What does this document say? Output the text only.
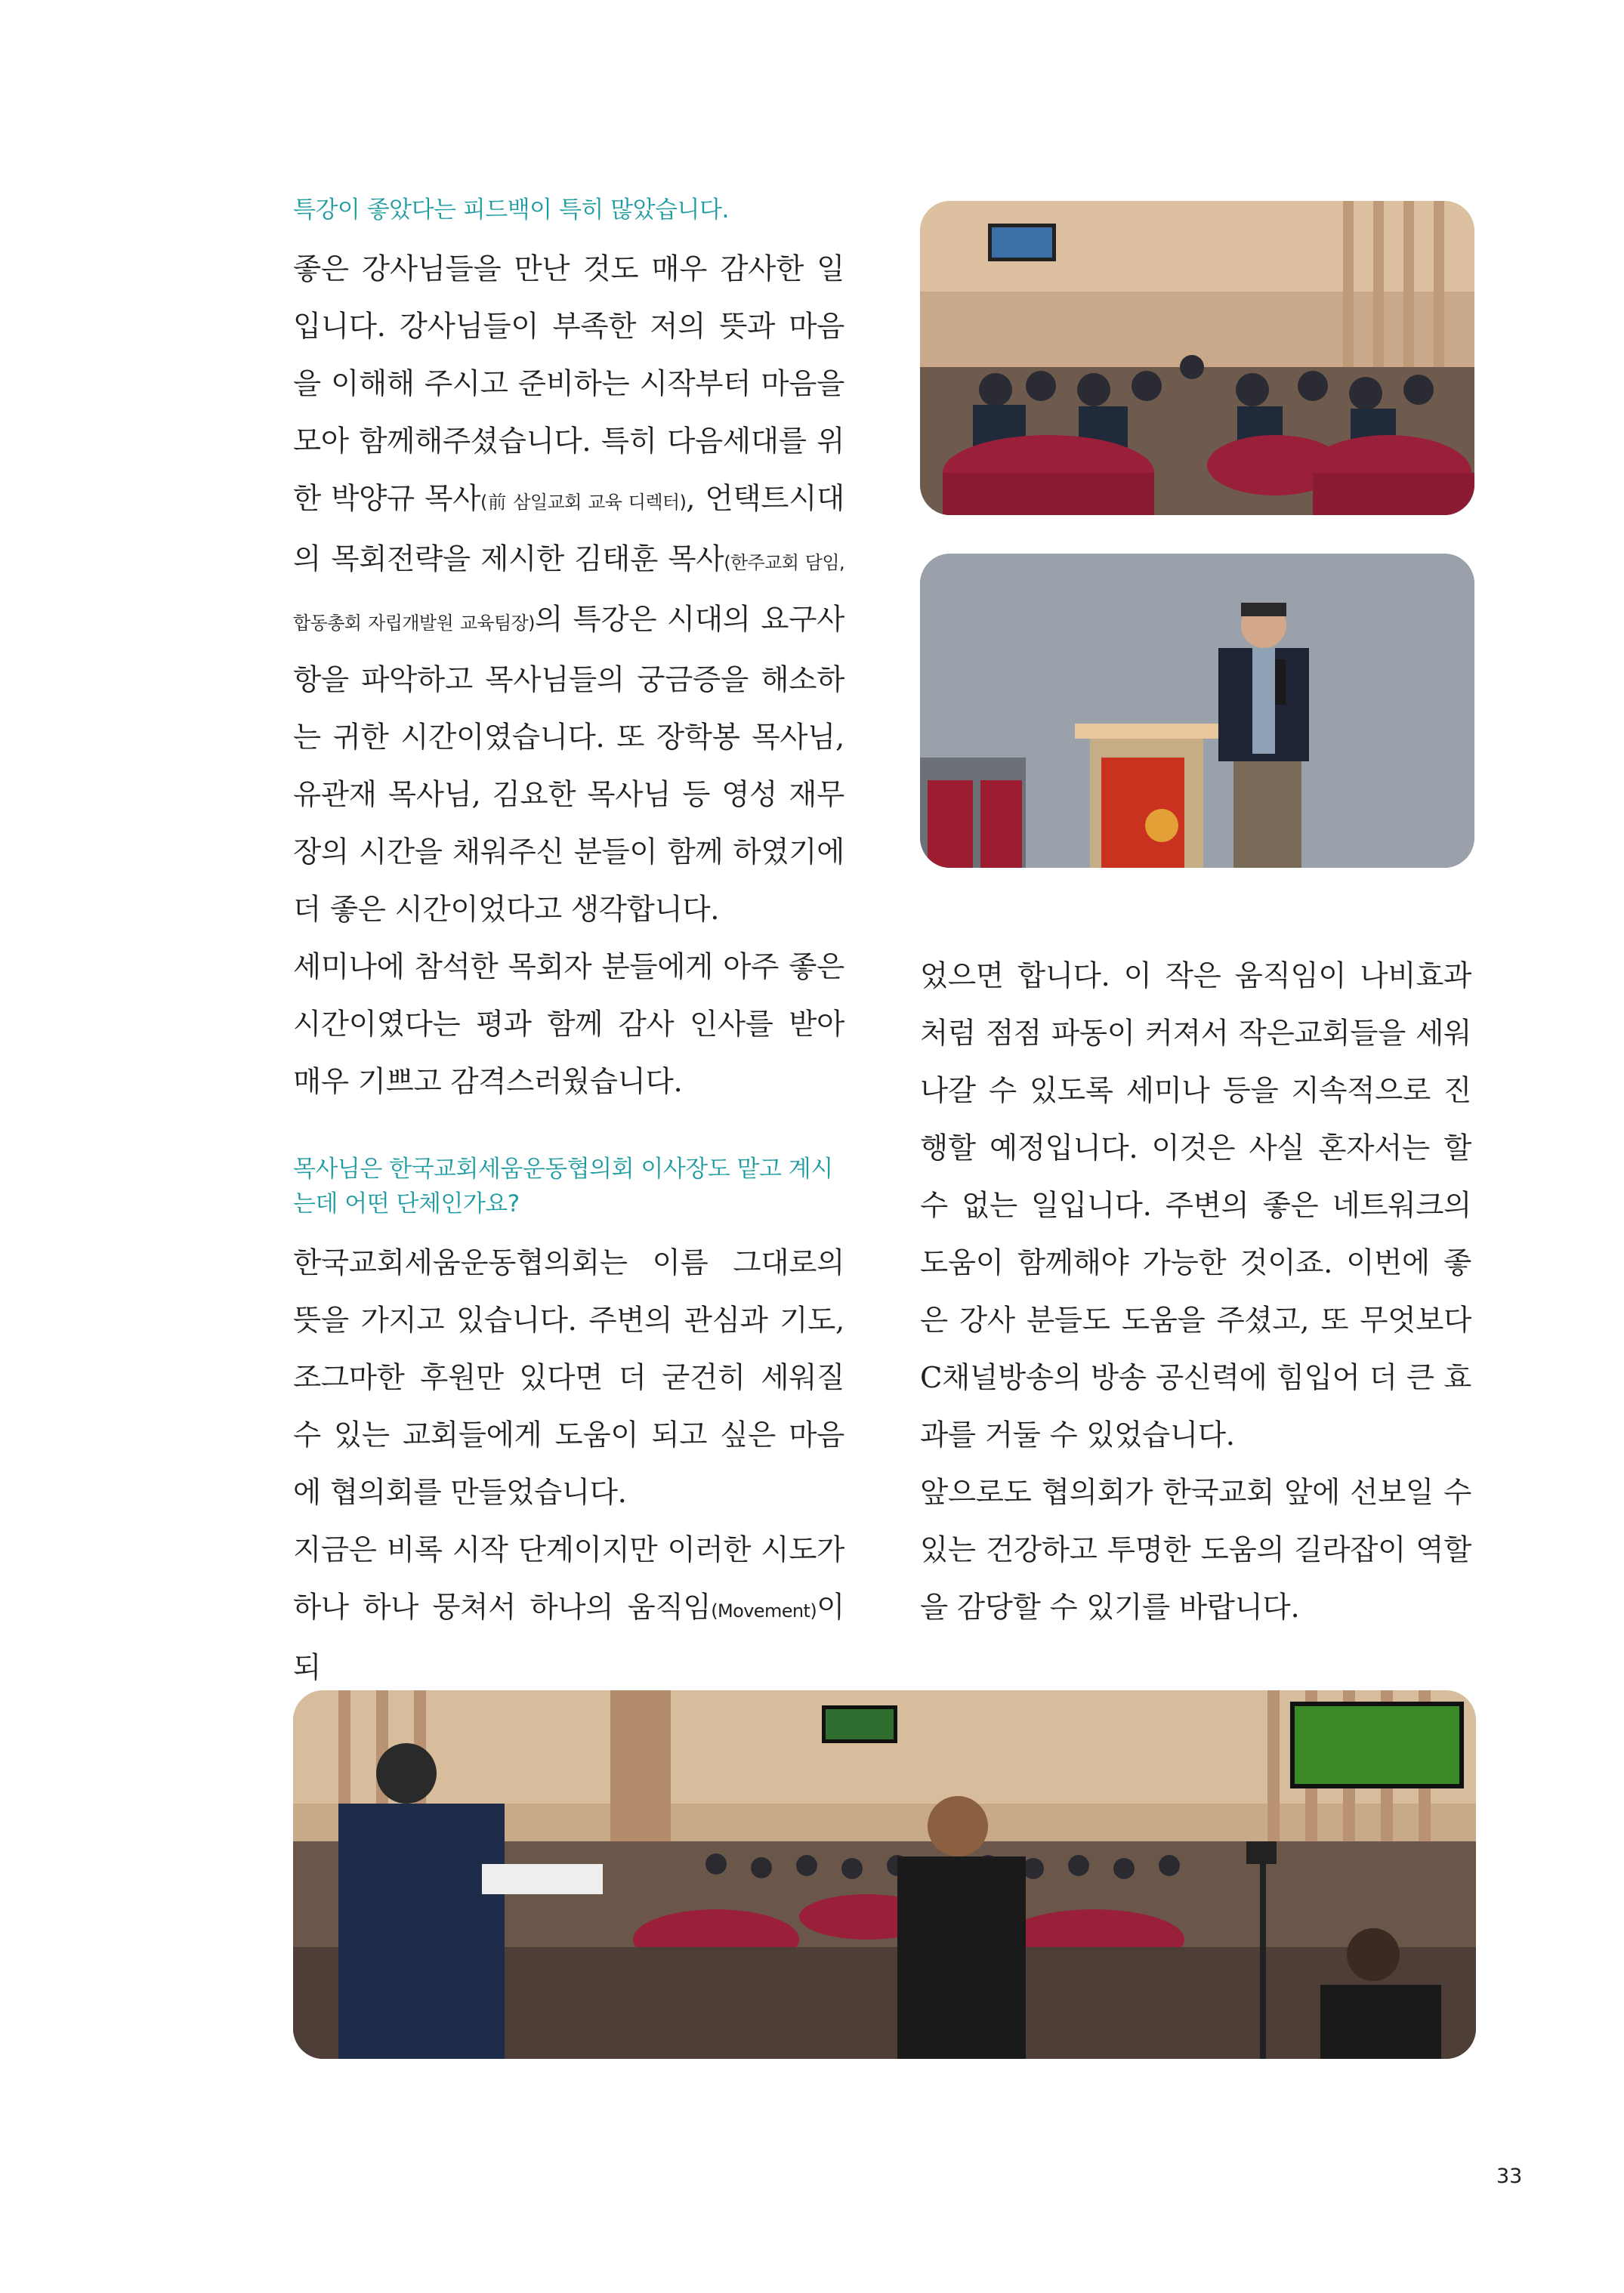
특강이 좋았다는 피드백이 특히 많았습니다.

좋은 강사님들을 만난 것도 매우 감사한 일입니다. 강사님들이 부족한 저의 뜻과 마음을 이해해 주시고 준비하는 시작부터 마음을 모아 함께해주셨습니다. 특히 다음세대를 위한 박양규 목사(前 삼일교회 교육 디렉터), 언택트시대의 목회전략을 제시한 김태훈 목사(한주교회 담임, 합동총회 자립개발원 교육팀장)의 특강은 시대의 요구사항을 파악하고 목사님들의 궁금증을 해소하는 귀한 시간이였습니다. 또 장학봉 목사님, 유관재 목사님, 김요한 목사님 등 영성 재무장의 시간을 채워주신 분들이 함께 하였기에 더 좋은 시간이었다고 생각합니다.

세미나에 참석한 목회자 분들에게 아주 좋은 시간이였다는 평과 함께 감사 인사를 받아 매우 기쁘고 감격스러웠습니다.

목사님은 한국교회세움운동협의회 이사장도 맡고 계시는데 어떤 단체인가요?

한국교회세움운동협의회는 이름 그대로의 뜻을 가지고 있습니다. 주변의 관심과 기도, 조그마한 후원만 있다면 더 굳건히 세워질 수 있는 교회들에게 도움이 되고 싶은 마음에 협의회를 만들었습니다.

지금은 비록 시작 단계이지만 이러한 시도가 하나 하나 뭉쳐서 하나의 움직임(Movement)이 되

었으면 합니다. 이 작은 움직임이 나비효과처럼 점점 파동이 커져서 작은교회들을 세워 나갈 수 있도록 세미나 등을 지속적으로 진행할 예정입니다. 이것은 사실 혼자서는 할 수 없는 일입니다. 주변의 좋은 네트워크의 도움이 함께해야 가능한 것이죠. 이번에 좋은 강사 분들도 도움을 주셨고, 또 무엇보다 C채널방송의 방송 공신력에 힘입어 더 큰 효과를 거둘 수 있었습니다.

앞으로도 협의회가 한국교회 앞에 선보일 수 있는 건강하고 투명한 도움의 길라잡이 역할을 감당할 수 있기를 바랍니다.

33
